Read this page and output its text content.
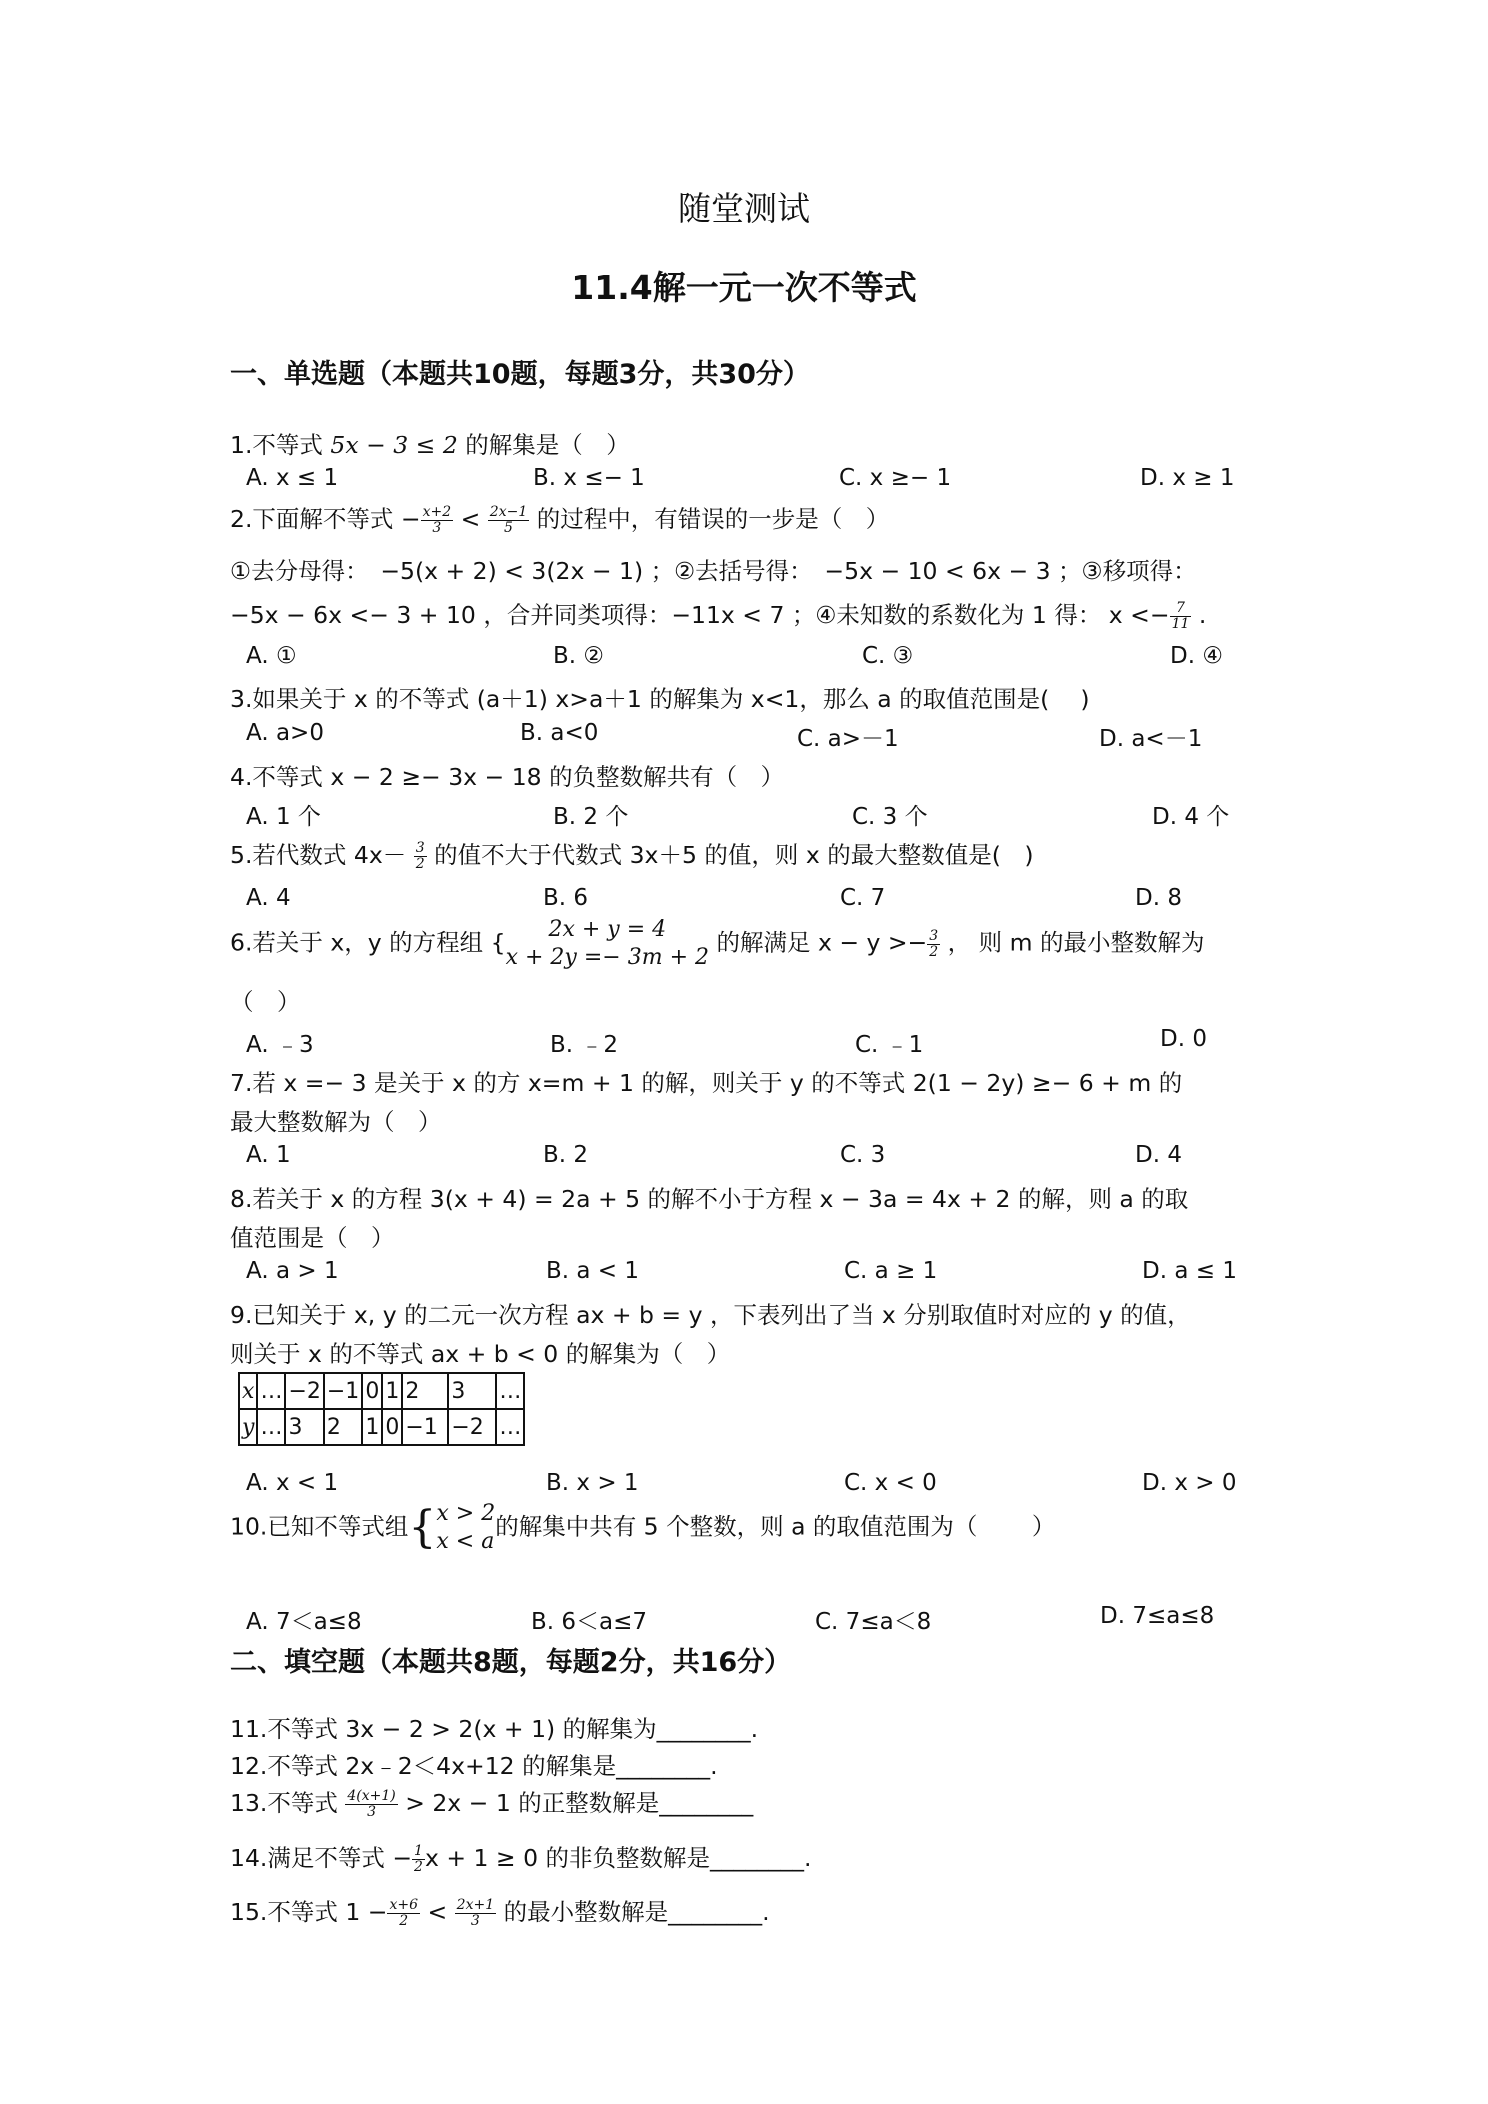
随堂测试
11.4解一元一次不等式
一、单选题（本题共10题，每题3分，共30分）
1.不等式 5x − 3 ≤ 2 的解集是（　）
A. x ≤ 1	B. x ≤− 1	C. x ≥− 1	D. x ≥ 1
2.下面解不等式 − $\frac{x+2}{3} < \frac{2x-1}{5}$ 的过程中，有错误的一步是（　）
①去分母得：　−5(x + 2) < 3(2x − 1) ；②去括号得：　−5x − 10 < 6x − 3 ；③移项得：
−5x − 6x <− 3 + 10 ，合并同类项得：−11x < 7 ；④未知数的系数化为 1 得： $x <- \frac{7}{11}$ .
A. ①	B. ②	C. ③	D. ④
3.如果关于 x 的不等式 (a＋1) x>a＋1 的解集为 x<1，那么 a 的取值范围是(　 )
A. a>0	B. a<0	C. a>－1	D. a<－1
4.不等式 x − 2 ≥− 3x − 18 的负整数解共有（　）
A. 1 个	B. 2 个	C. 3 个	D. 4 个
5.若代数式 $4x- \frac{3}{2}$ 的值不大于代数式 3x＋5 的值，则 x 的最大整数值是(　)
A. 4	B. 6	C. 7	D. 8
6.若关于 x，y 的方程组 {	2x + y = 4
x + 2y =− 3m + 2
的解满足 $x - y >- \frac{3}{2}$ ， 则 m 的最小整数解为
（　）
A. ﹣3	B. ﹣2	C. ﹣1	D. 0
7.若 x =− 3 是关于 x 的方 x=m + 1 的解，则关于 y 的不等式 2(1 − 2y) ≥− 6 + m 的
最大整数解为（　）
A. 1	B. 2	C. 3	D. 4
8.若关于 x 的方程 3(x + 4) = 2a + 5 的解不小于方程 x − 3a = 4x + 2 的解，则 a 的取
值范围是（　）
A. a > 1	B. a < 1	C. a ≥ 1	D. a ≤ 1
9.已知关于 x, y 的二元一次方程 ax + b = y ，下表列出了当 x 分别取值时对应的 y 的值，
则关于 x 的不等式 ax + b < 0 的解集为（　）
x	…	−2	−1	0	1	2	3	…
y	…	3	2	1	0	−1	−2	…
A. x < 1	B. x > 1	C. x < 0	D. x > 0
10.已知不等式组{ x > 2
x < a
的解集中共有 5 个整数，则 a 的取值范围为（　　 ）
A. 7＜a≤8	B. 6＜a≤7	C. 7≤a＜8	D. 7≤a≤8
二、填空题（本题共8题，每题2分，共16分）
11.不等式 3x − 2 > 2(x + 1) 的解集为________.
12.不等式 2x﹣2＜4x+12 的解集是________.
13.不等式 $\frac{4(x+1)}{3} > 2x - 1$ 的正整数解是________
14.满足不等式 − $\frac{1}{2}$ x + 1 ≥ 0 的非负整数解是________.
15.不等式 $1 - \frac{x+6}{2} < \frac{2x+1}{3}$ 的最小整数解是________.
